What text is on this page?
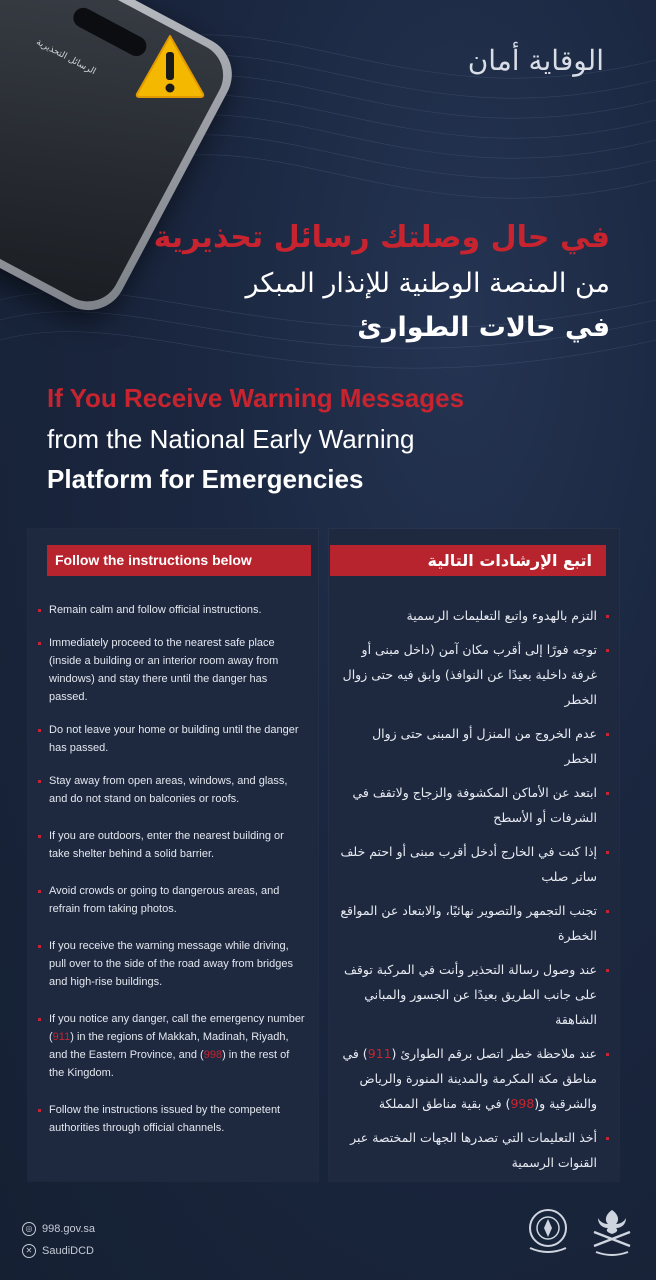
الرسائل التحذيرية	الوقاية أمان
في حال وصلتك رسائل تحذيرية
من المنصة الوطنية للإنذار المبكر
في حالات الطوارئ
If You Receive Warning Messages
from the National Early Warning
Platform for Emergencies
Follow the instructions below
Remain calm and follow official instructions.
Immediately proceed to the nearest safe place (inside a building or an interior room away from windows) and stay there until the danger has passed.
Do not leave your home or building until the danger has passed.
Stay away from open areas, windows, and glass, and do not stand on balconies or roofs.
If you are outdoors, enter the nearest building or take shelter behind a solid barrier.
Avoid crowds or going to dangerous areas, and refrain from taking photos.
If you receive the warning message while driving, pull over to the side of the road away from bridges and high-rise buildings.
If you notice any danger, call the emergency number (911) in the regions of Makkah, Madinah, Riyadh, and the Eastern Province, and (998) in the rest of the Kingdom.
Follow the instructions issued by the competent authorities through official channels.
اتبع الإرشادات التالية
التزم بالهدوء واتبع التعليمات الرسمية
توجه فورًا إلى أقرب مكان آمن (داخل مبنى أو غرفة داخلية بعيدًا عن النوافذ) وابق فيه حتى زوال الخطر
عدم الخروج من المنزل أو المبنى حتى زوال الخطر
ابتعد عن الأماكن المكشوفة والزجاج ولاتقف في الشرفات أو الأسطح
إذا كنت في الخارج أدخل أقرب مبنى أو احتم خلف ساتر صلب
تجنب التجمهر والتصوير نهائيًا، والابتعاد عن المواقع الخطرة
عند وصول رسالة التحذير وأنت في المركبة توقف على جانب الطريق بعيدًا عن الجسور والمباني الشاهقة
عند ملاحظة خطر اتصل برقم الطوارئ (911) في مناطق مكة المكرمة والمدينة المنورة والرياض والشرقية و(998) في بقية مناطق المملكة
أخذ التعليمات التي تصدرها الجهات المختصة عبر القنوات الرسمية
◎ 998.gov.sa
✕ SaudiDCD
